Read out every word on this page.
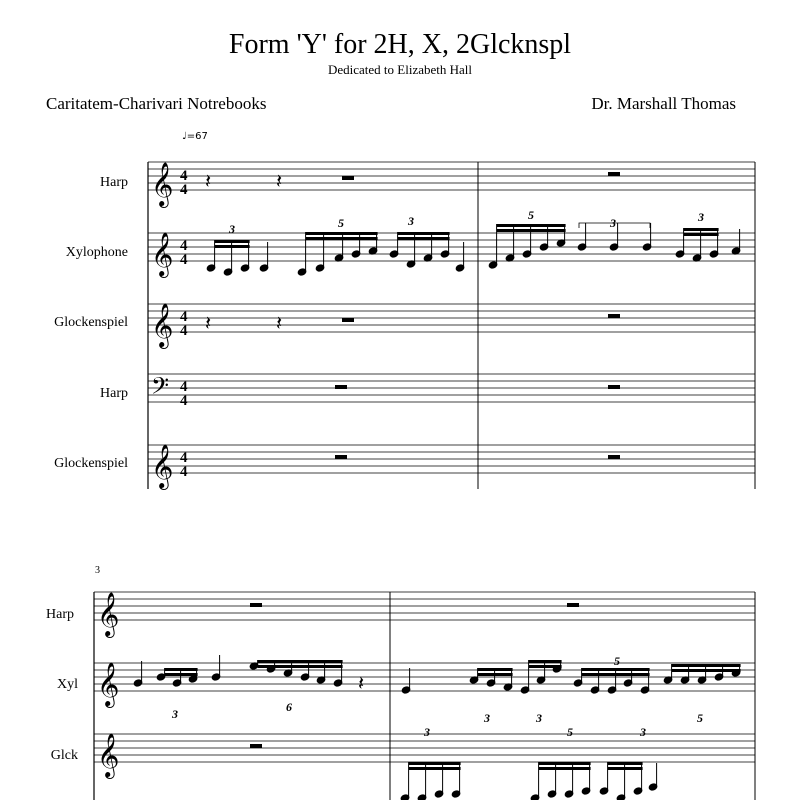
Form 'Y' for 2H, X, 2Glcknspl
Dedicated to Elizabeth Hall
Caritatem-Charivari Notrebooks	Dr. Marshall Thomas
♩=67
Harp
Xylophone
Glockenspiel
Harp
Glockenspiel
3
Harp
Xyl
Glck
𝄞
𝄞
𝄞
𝄢
𝄞
4
4
4
4
4
4
4
4
4
4
𝄽	𝄽
𝄽	𝄽
3	5	3	5
3	3
𝄞
𝄞
𝄞
𝄽
3	6
3	3
5
5
3	5	3
